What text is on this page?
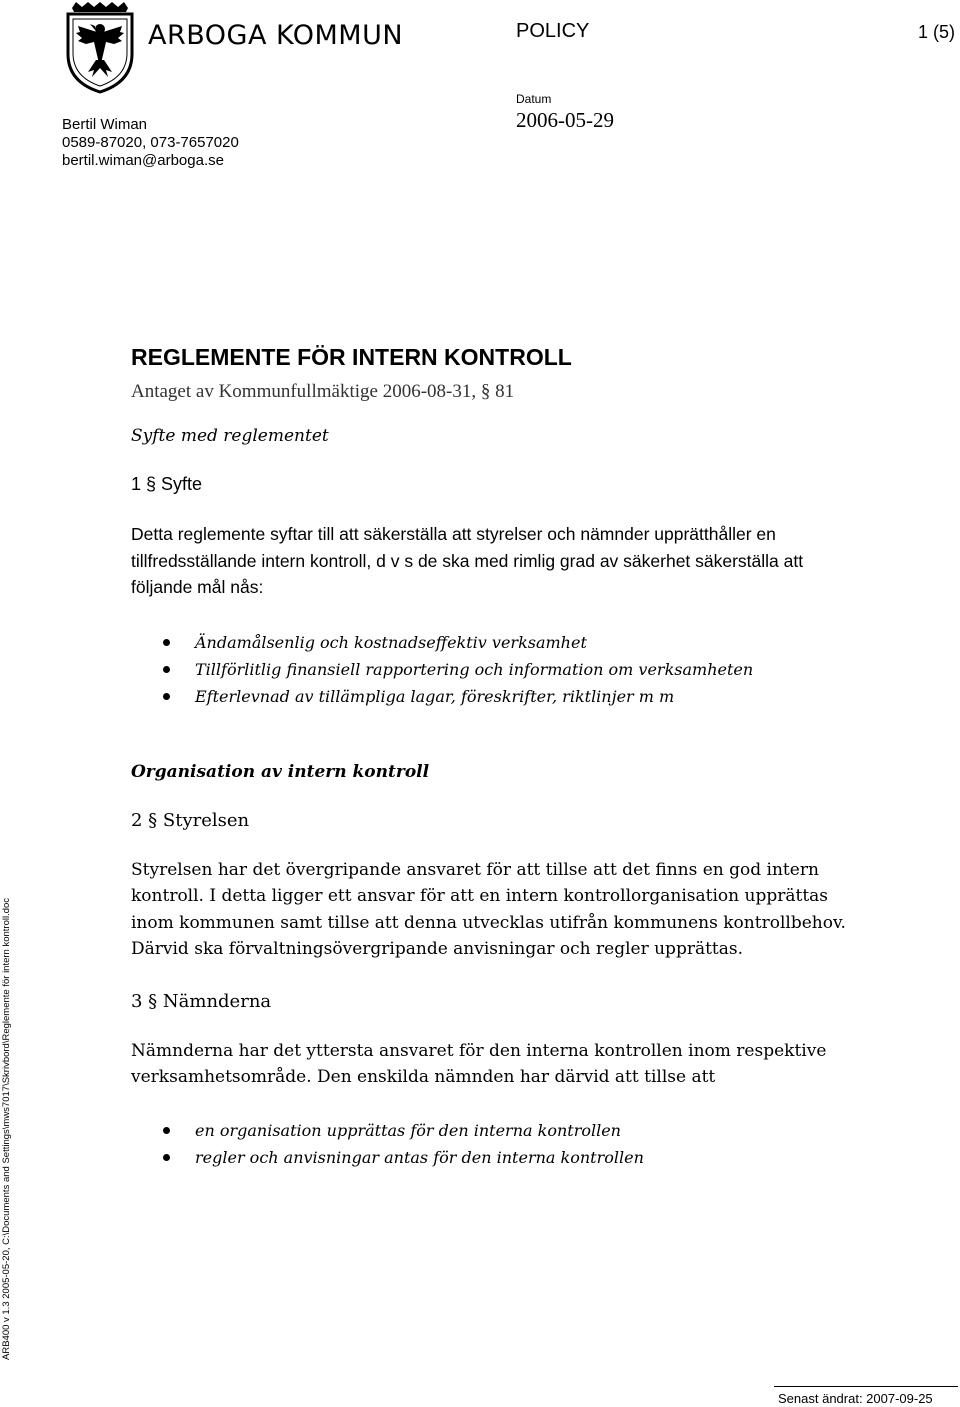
ARBOGA KOMMUN	POLICY	1 (5)
Bertil Wiman
0589-87020, 073-7657020
bertil.wiman@arboga.se
Datum
2006-05-29
REGLEMENTE FÖR INTERN KONTROLL
Antaget av Kommunfullmäktige 2006-08-31, § 81
Syfte med reglementet
1 § Syfte
Detta reglemente syftar till att säkerställa att styrelser och nämnder upprätthåller en tillfredsställande intern kontroll, d v s de ska med rimlig grad av säkerhet säkerställa att följande mål nås:
Ändamålsenlig och kostnadseffektiv verksamhet
Tillförlitlig finansiell rapportering och information om verksamheten
Efterlevnad av tillämpliga lagar, föreskrifter, riktlinjer m m
Organisation av intern kontroll
2 § Styrelsen
Styrelsen har det övergripande ansvaret för att tillse att det finns en god intern kontroll. I detta ligger ett ansvar för att en intern kontrollorganisation upprättas inom kommunen samt tillse att denna utvecklas utifrån kommunens kontrollbehov. Därvid ska förvaltningsövergripande anvisningar och regler upprättas.
3 § Nämnderna
Nämnderna har det yttersta ansvaret för den interna kontrollen inom respektive verksamhetsområde. Den enskilda nämnden har därvid att tillse att
en organisation upprättas för den interna kontrollen
regler och anvisningar antas för den interna kontrollen
ARB400 v 1.3 2005-05-20, C:\Documents and Settings\mws7017\Skrivbord\Reglemente för intern kontroll.doc
Senast ändrat: 2007-09-25
